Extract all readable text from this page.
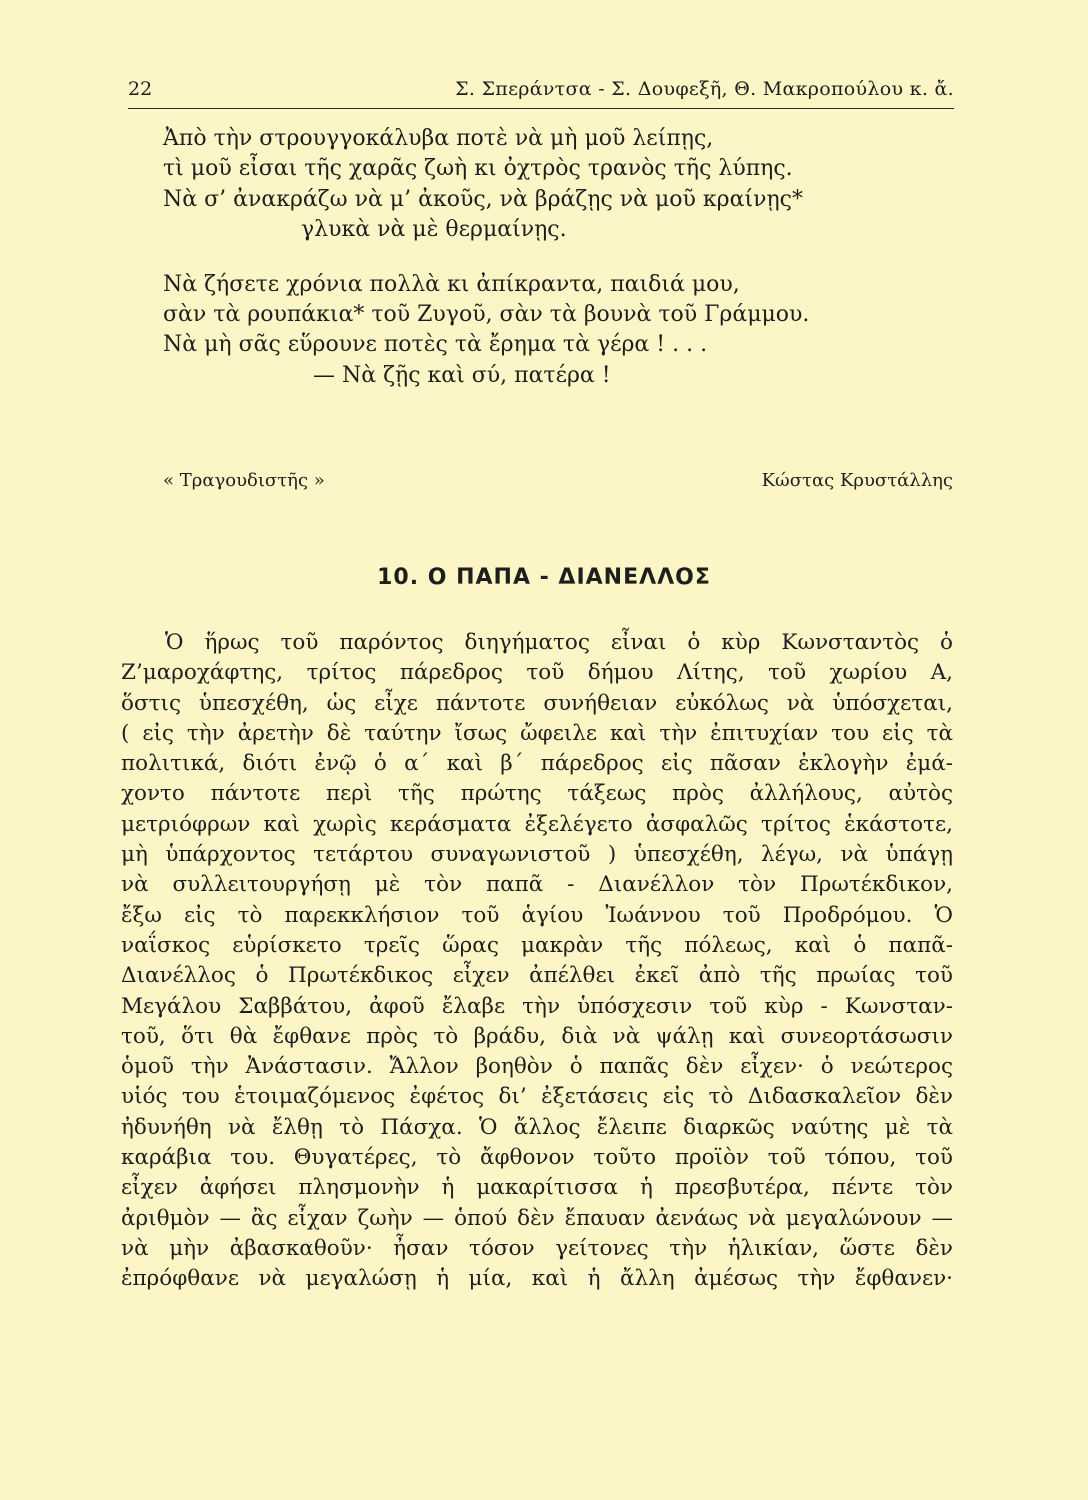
22	Σ. Σπεράντσα - Σ. Δουφεξῆ, Θ. Μακροπούλου κ. ἄ.
Ἀπὸ τὴν στρουγγοκάλυβα ποτὲ νὰ μὴ μοῦ λείπῃς,
τὶ μοῦ εἶσαι τῆς χαρᾶς ζωὴ κι ὀχτρὸς τρανὸς τῆς λύπης.
Νὰ σ’ ἀνακράζω νὰ μ’ ἀκοῦς, νὰ βράζῃς νὰ μοῦ κραίνῃς*
γλυκὰ νὰ μὲ θερμαίνῃς.
Νὰ ζήσετε χρόνια πολλὰ κι ἀπίκραντα, παιδιά μου,
σὰν τὰ ρουπάκια* τοῦ Ζυγοῦ, σὰν τὰ βουνὰ τοῦ Γράμμου.
Νὰ μὴ σᾶς εὕρουνε ποτὲς τὰ ἔρημα τὰ γέρα ! . . .
— Νὰ ζῇς καὶ σύ, πατέρα !
« Τραγουδιστῆς »	Κώστας Κρυστάλλης
10. Ο ΠΑΠΑ - ΔΙΑΝΕΛΛΟΣ
Ὁ ἥρως τοῦ παρόντος διηγήματος εἶναι ὁ κὺρ Κωνσταντὸς ὁ
Ζ’μαροχάφτης, τρίτος πάρεδρος τοῦ δήμου Λίτης, τοῦ χωρίου Α,
ὅστις ὑπεσχέθη, ὡς εἶχε πάντοτε συνήθειαν εὐκόλως νὰ ὑπόσχεται,
( εἰς τὴν ἀρετὴν δὲ ταύτην ἴσως ὤφειλε καὶ τὴν ἐπιτυχίαν του εἰς τὰ
πολιτικά, διότι ἐνῷ ὁ α΄ καὶ β΄ πάρεδρος εἰς πᾶσαν ἐκλογὴν ἐμά-
χοντο πάντοτε περὶ τῆς πρώτης τάξεως πρὸς ἀλλήλους, αὐτὸς
μετριόφρων καὶ χωρὶς κεράσματα ἐξελέγετο ἀσφαλῶς τρίτος ἑκάστοτε,
μὴ ὑπάρχοντος τετάρτου συναγωνιστοῦ ) ὑπεσχέθη, λέγω, νὰ ὑπάγῃ
νὰ συλλειτουργήσῃ μὲ τὸν παπᾶ - Διανέλλον τὸν Πρωτέκδικον,
ἔξω εἰς τὸ παρεκκλήσιον τοῦ ἁγίου Ἰωάννου τοῦ Προδρόμου. Ὁ
ναΐσκος εὑρίσκετο τρεῖς ὥρας μακρὰν τῆς πόλεως, καὶ ὁ παπᾶ-
Διανέλλος ὁ Πρωτέκδικος εἶχεν ἀπέλθει ἐκεῖ ἀπὸ τῆς πρωίας τοῦ
Μεγάλου Σαββάτου, ἀφοῦ ἔλαβε τὴν ὑπόσχεσιν τοῦ κὺρ - Κωνσταν-
τοῦ, ὅτι θὰ ἔφθανε πρὸς τὸ βράδυ, διὰ νὰ ψάλῃ καὶ συνεορτάσωσιν
ὁμοῦ τὴν Ἀνάστασιν. Ἄλλον βοηθὸν ὁ παπᾶς δὲν εἶχεν· ὁ νεώτερος
υἱός του ἑτοιμαζόμενος ἐφέτος δι’ ἐξετάσεις εἰς τὸ Διδασκαλεῖον δὲν
ἠδυνήθη νὰ ἔλθῃ τὸ Πάσχα. Ὁ ἄλλος ἔλειπε διαρκῶς ναύτης μὲ τὰ
καράβια του. Θυγατέρες, τὸ ἄφθονον τοῦτο προϊὸν τοῦ τόπου, τοῦ
εἶχεν ἀφήσει πλησμονὴν ἡ μακαρίτισσα ἡ πρεσβυτέρα, πέντε τὸν
ἀριθμὸν — ἂς εἶχαν ζωὴν — ὁπού δὲν ἔπαυαν ἀενάως νὰ μεγαλώνουν —
νὰ μὴν ἀβασκαθοῦν· ἦσαν τόσον γείτονες τὴν ἡλικίαν, ὥστε δὲν
ἐπρόφθανε νὰ μεγαλώσῃ ἡ μία, καὶ ἡ ἄλλη ἀμέσως τὴν ἔφθανεν·
